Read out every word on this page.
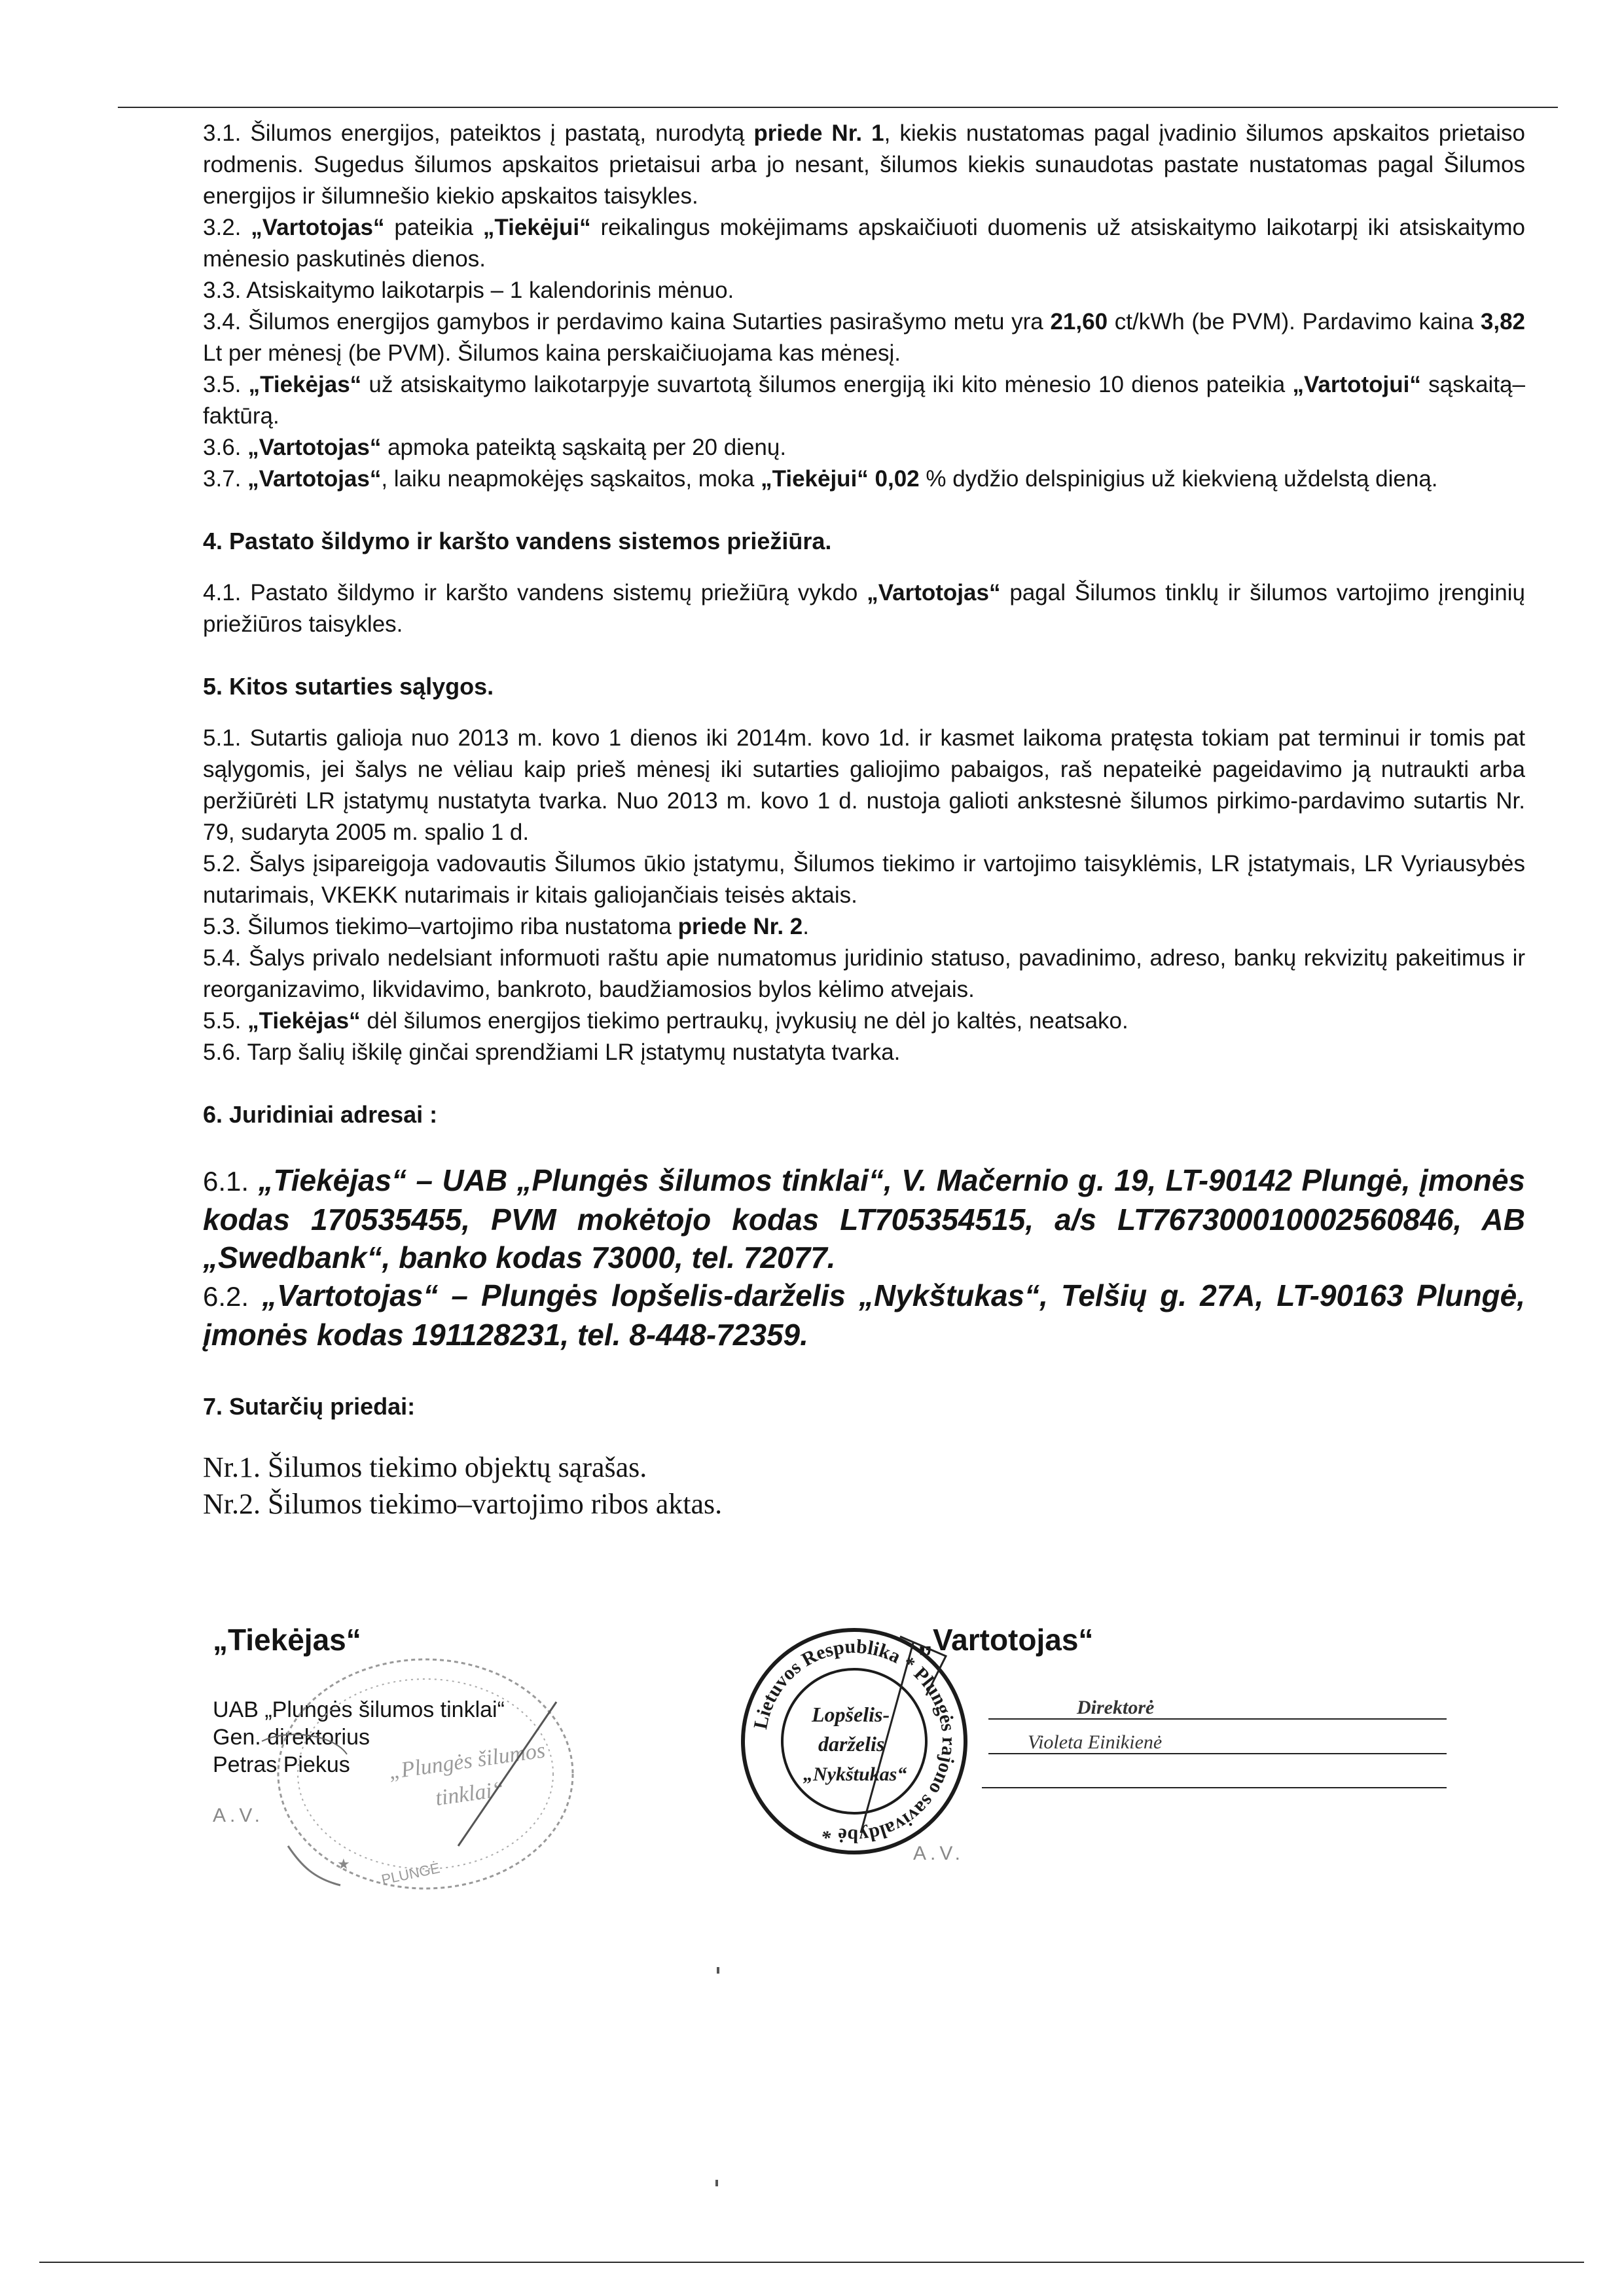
3.1. Šilumos energijos, pateiktos į pastatą, nurodytą priede Nr. 1, kiekis nustatomas pagal įvadinio šilumos apskaitos prietaiso rodmenis. Sugedus šilumos apskaitos prietaisui arba jo nesant, šilumos kiekis sunaudotas pastate nustatomas pagal Šilumos energijos ir šilumnešio kiekio apskaitos taisykles.

3.2. „Vartotojas“ pateikia „Tiekėjui“ reikalingus mokėjimams apskaičiuoti duomenis už atsiskaitymo laikotarpį iki atsiskaitymo mėnesio paskutinės dienos.

3.3. Atsiskaitymo laikotarpis – 1 kalendorinis mėnuo.

3.4. Šilumos energijos gamybos ir perdavimo kaina Sutarties pasirašymo metu yra 21,60 ct/kWh (be PVM). Pardavimo kaina 3,82 Lt per mėnesį (be PVM). Šilumos kaina perskaičiuojama kas mėnesį.

3.5. „Tiekėjas“ už atsiskaitymo laikotarpyje suvartotą šilumos energiją iki kito mėnesio 10 dienos pateikia „Vartotojui“ sąskaitą–faktūrą.

3.6. „Vartotojas“ apmoka pateiktą sąskaitą per 20 dienų.

3.7. „Vartotojas“, laiku neapmokėjęs sąskaitos, moka „Tiekėjui“ 0,02 % dydžio delspinigius už kiekvieną uždelstą dieną.

4. Pastato šildymo ir karšto vandens sistemos priežiūra.

4.1. Pastato šildymo ir karšto vandens sistemų priežiūrą vykdo „Vartotojas“ pagal Šilumos tinklų ir šilumos vartojimo įrenginių priežiūros taisykles.

5. Kitos sutarties sąlygos.

5.1. Sutartis galioja nuo 2013 m. kovo 1 dienos iki 2014m. kovo 1d. ir kasmet laikoma pratęsta tokiam pat terminui ir tomis pat sąlygomis, jei šalys ne vėliau kaip prieš mėnesį iki sutarties galiojimo pabaigos, raš nepateikė pageidavimo ją nutraukti arba peržiūrėti LR įstatymų nustatyta tvarka. Nuo 2013 m. kovo 1 d. nustoja galioti ankstesnė šilumos pirkimo-pardavimo sutartis Nr. 79, sudaryta 2005 m. spalio 1 d.

5.2. Šalys įsipareigoja vadovautis Šilumos ūkio įstatymu, Šilumos tiekimo ir vartojimo taisyklėmis, LR įstatymais, LR Vyriausybės nutarimais, VKEKK nutarimais ir kitais galiojančiais teisės aktais.

5.3. Šilumos tiekimo–vartojimo riba nustatoma priede Nr. 2.

5.4. Šalys privalo nedelsiant informuoti raštu apie numatomus juridinio statuso, pavadinimo, adreso, bankų rekvizitų pakeitimus ir reorganizavimo, likvidavimo, bankroto, baudžiamosios bylos kėlimo atvejais.

5.5. „Tiekėjas“ dėl šilumos energijos tiekimo pertraukų, įvykusių ne dėl jo kaltės, neatsako.

5.6. Tarp šalių iškilę ginčai sprendžiami LR įstatymų nustatyta tvarka.

6. Juridiniai adresai :

6.1. „Tiekėjas“ – UAB „Plungės šilumos tinklai“, V. Mačernio g. 19, LT-90142 Plungė, įmonės kodas 170535455, PVM mokėtojo kodas LT705354515, a/s LT767300010002560846, AB „Swedbank“, banko kodas 73000, tel. 72077.

6.2. „Vartotojas“ – Plungės lopšelis-darželis „Nykštukas“, Telšių g. 27A, LT-90163 Plungė, įmonės kodas 191128231, tel. 8-448-72359.

7. Sutarčių priedai:

Nr.1. Šilumos tiekimo objektų sąrašas.

Nr.2. Šilumos tiekimo–vartojimo ribos aktas.

„Tiekėjas“
UAB „Plungės šilumos tinklai“
Gen. direktorius
Petras Piekus
A.V.
„Plungės šilumos
tinklai“
PLUNGĖ
★
„Vartotojas“
Direktorė
Violeta Einikienė
Lietuvos Respublika * Plungės rajono savivaldybė *
Lopšelis-
darželis
„Nykštukas“
A.V.
